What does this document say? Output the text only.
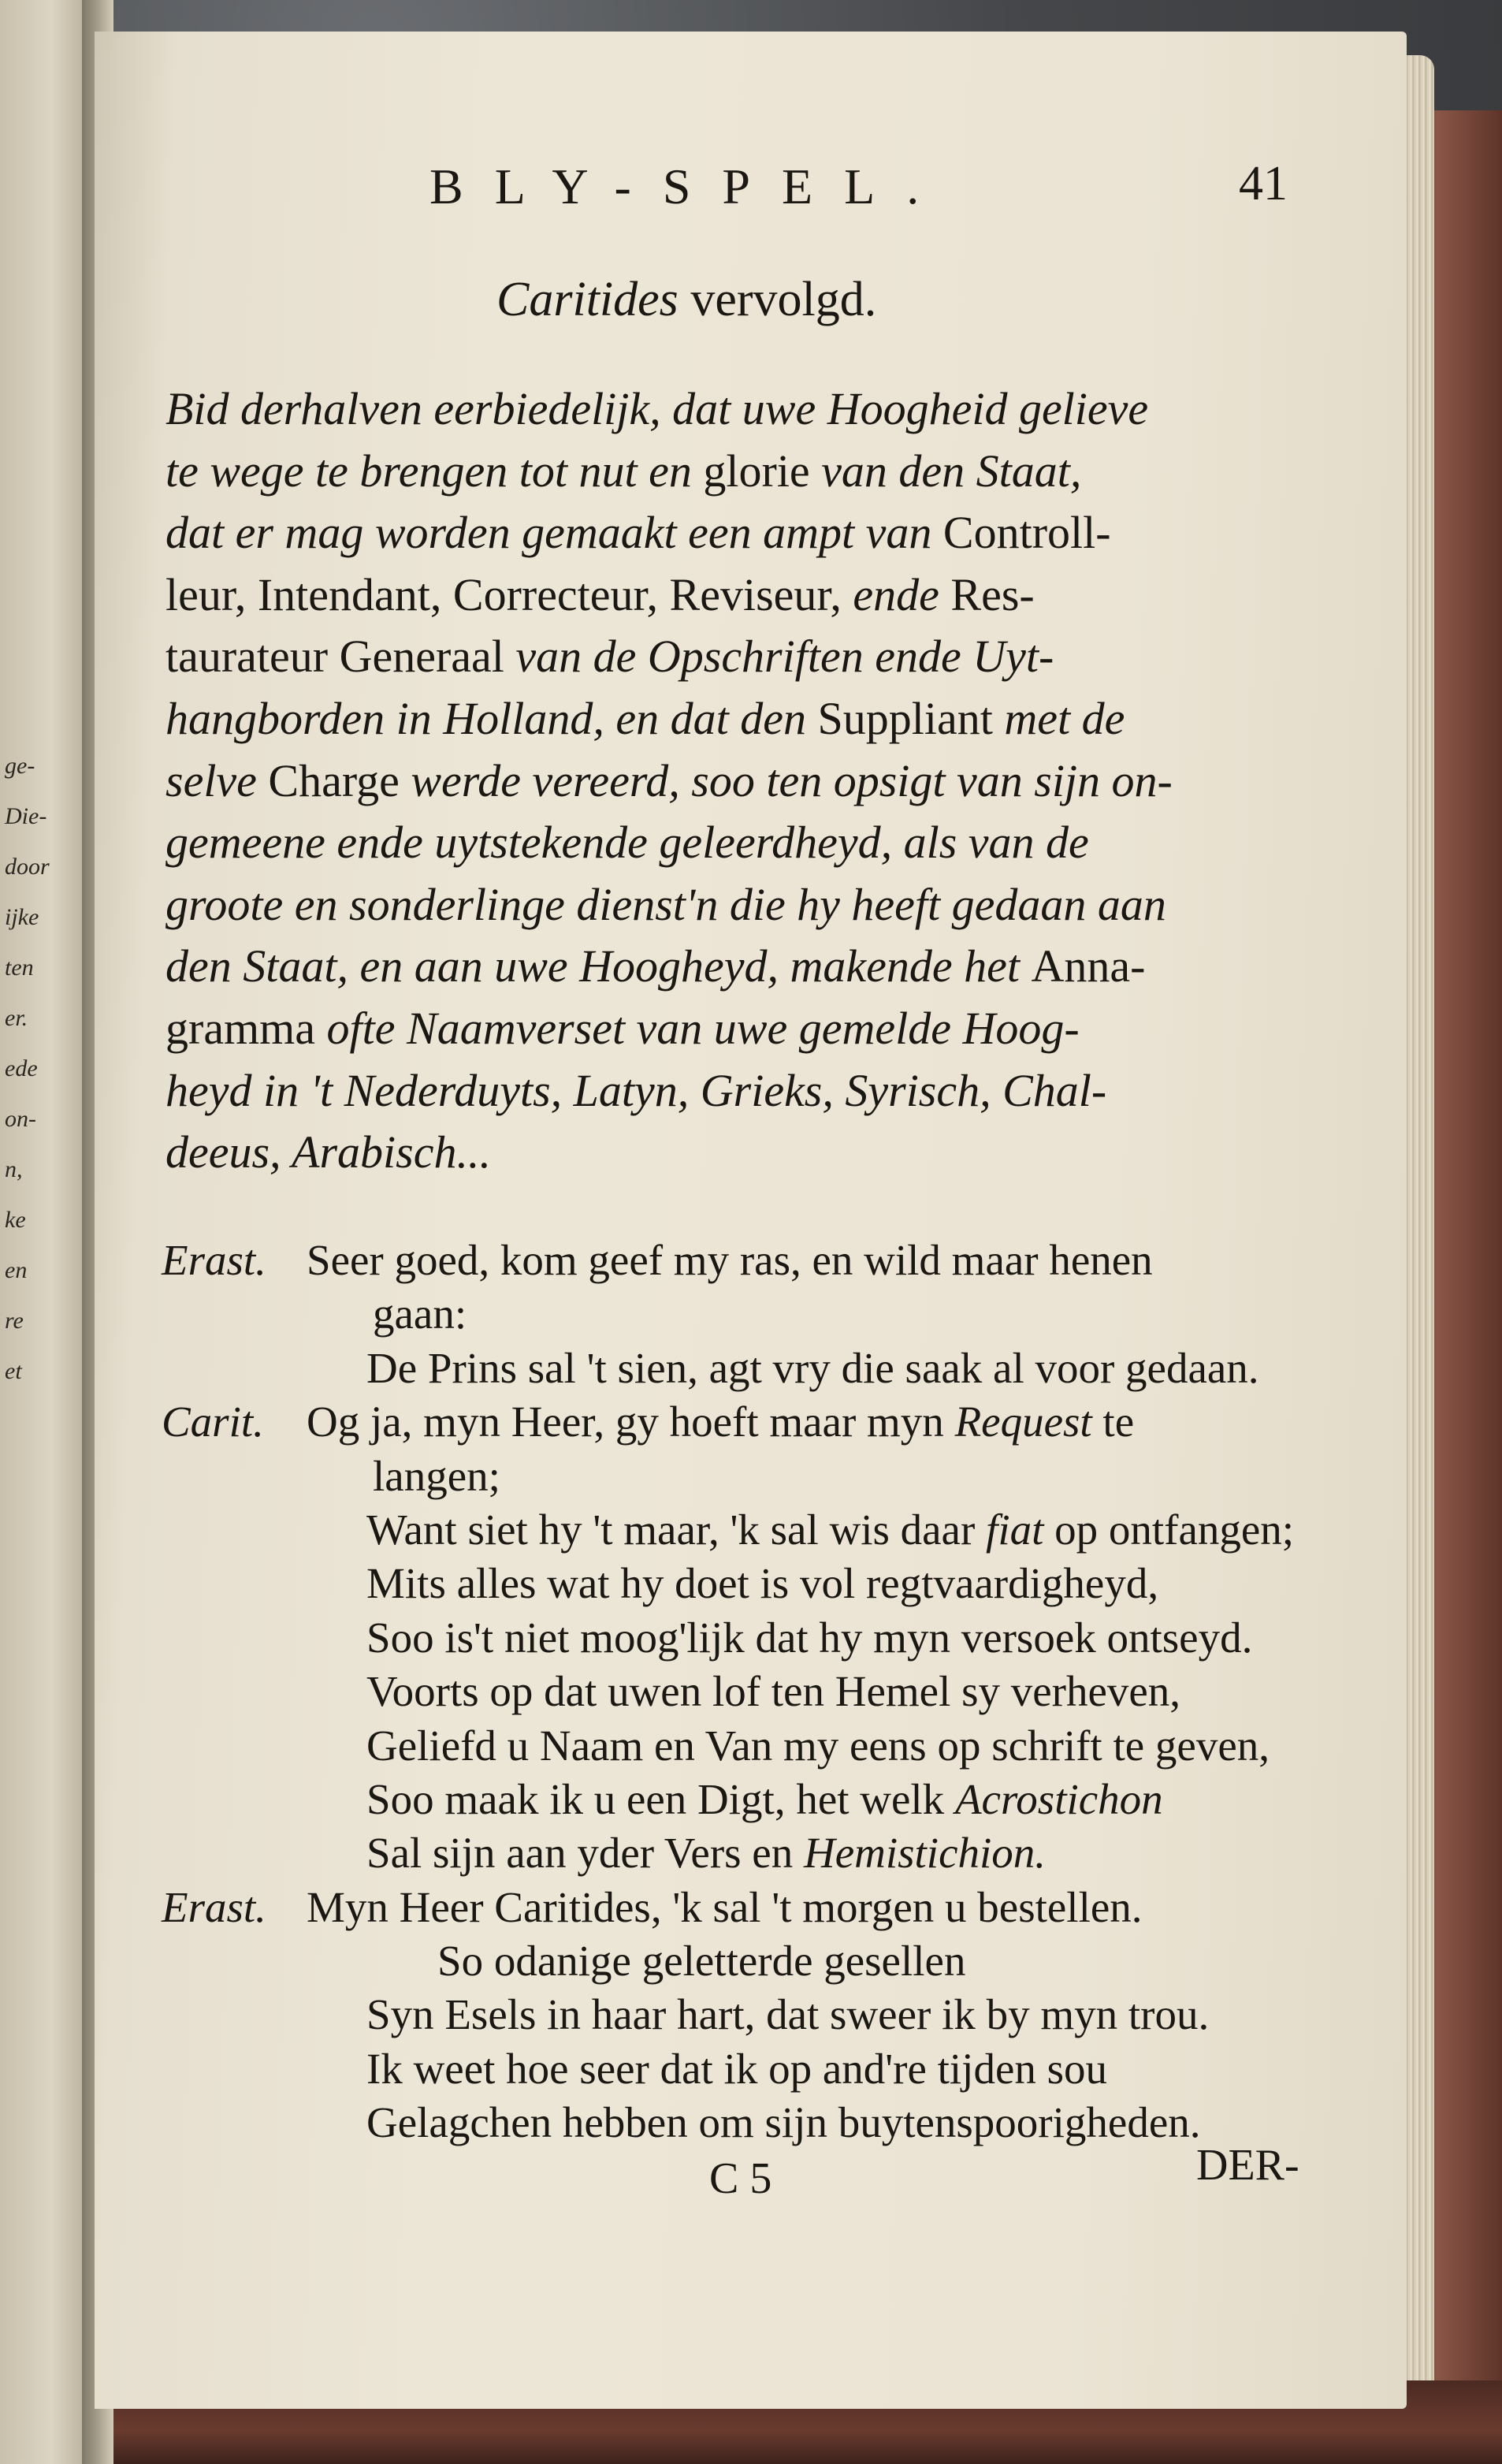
ge-
Die-
door
ijke
ten
er.
ede
on-
n,
ke
en
re
et
BLY-SPEL.	41
Caritides vervolgd.
Bid derhalven eerbiedelijk, dat uwe Hoogheid gelieve
te wege te brengen tot nut en glorie van den Staat,
dat er mag worden gemaakt een ampt van Controll-
leur, Intendant, Correcteur, Reviseur, ende Res-
taurateur Generaal van de Opschriften ende Uyt-
hangborden in Holland, en dat den Suppliant met de
selve Charge werde vereerd, soo ten opsigt van sijn on-
gemeene ende uytstekende geleerdheyd, als van de
groote en sonderlinge dienst'n die hy heeft gedaan aan
den Staat, en aan uwe Hoogheyd, makende het Anna-
gramma ofte Naamverset van uwe gemelde Hoog-
heyd in 't Nederduyts, Latyn, Grieks, Syrisch, Chal-
deeus, Arabisch...
Erast. Seer goed, kom geef my ras, en wild maar henen
gaan:
De Prins sal 't sien, agt vry die saak al voor gedaan.
Carit. Og ja, myn Heer, gy hoeft maar myn Request te
langen;
Want siet hy 't maar, 'k sal wis daar fiat op ontfangen;
Mits alles wat hy doet is vol regtvaardigheyd,
Soo is't niet moog'lijk dat hy myn versoek ontseyd.
Voorts op dat uwen lof ten Hemel sy verheven,
Geliefd u Naam en Van my eens op schrift te geven,
Soo maak ik u een Digt, het welk Acrostichon
Sal sijn aan yder Vers en Hemistichion.
Erast. Myn Heer Caritides, 'k sal 't morgen u bestellen.
So odanige geletterde gesellen
Syn Esels in haar hart, dat sweer ik by myn trou.
Ik weet hoe seer dat ik op and're tijden sou
Gelagchen hebben om sijn buytenspoorigheden.
C 5	DER-
